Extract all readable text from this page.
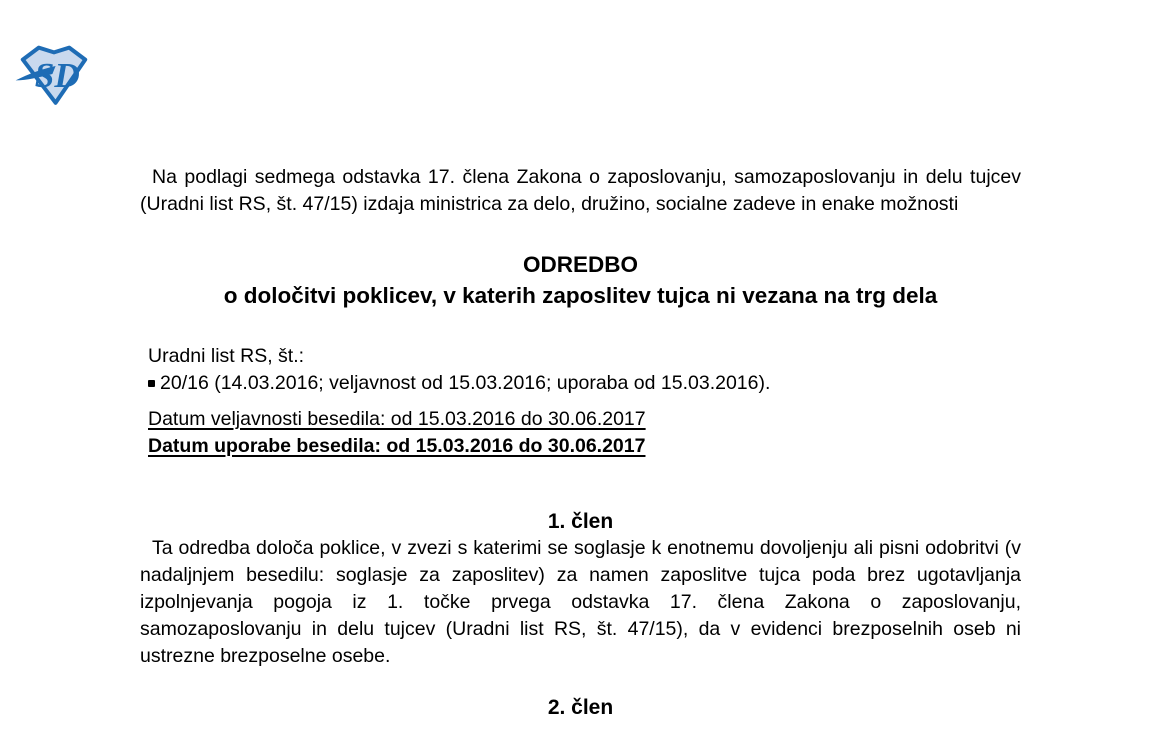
SD

Na podlagi sedmega odstavka 17. člena Zakona o zaposlovanju, samozaposlovanju in delu tujcev (Uradni list RS, št. 47/15) izdaja ministrica za delo, družino, socialne zadeve in enake možnosti

ODREDBO
o določitvi poklicev, v katerih zaposlitev tujca ni vezana na trg dela
Uradni list RS, št.:
20/16 (14.03.2016; veljavnost od 15.03.2016; uporaba od 15.03.2016).
Datum veljavnosti besedila: od 15.03.2016 do 30.06.2017
Datum uporabe besedila: od 15.03.2016 do 30.06.2017
1. člen

Ta odredba določa poklice, v zvezi s katerimi se soglasje k enotnemu dovoljenju ali pisni odobritvi (v nadaljnjem besedilu: soglasje za zaposlitev) za namen zaposlitve tujca poda brez ugotavljanja izpolnjevanja pogoja iz 1. točke prvega odstavka 17. člena Zakona o zaposlovanju, samozaposlovanju in delu tujcev (Uradni list RS, št. 47/15), da v evidenci brezposelnih oseb ni ustrezne brezposelne osebe.

2. člen
